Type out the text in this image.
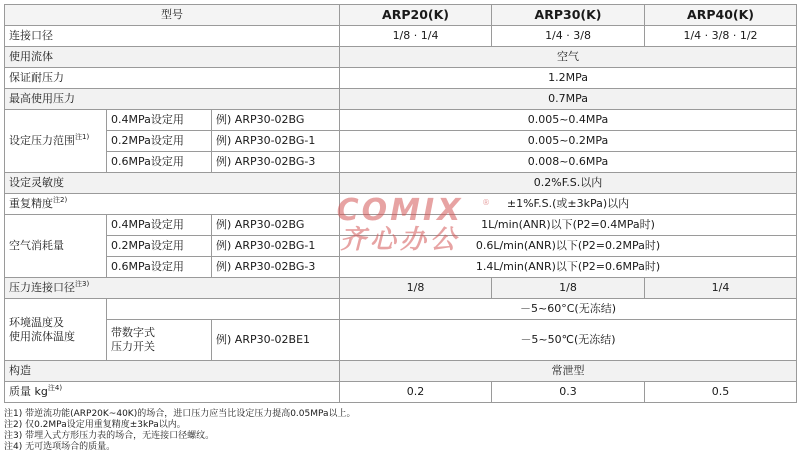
型号			ARP20(K)	ARP30(K)	ARP40(K)
连接口径			1/8 · 1/4	1/4 · 3/8	1/4 · 3/8 · 1/2
使用流体			空气		
保证耐压力			1.2MPa		
最高使用压力			0.7MPa		
设定压力范围$^{注1)}$	0.4MPa设定用	例) ARP30-02BG	0.005~0.4MPa		
	0.2MPa设定用	例) ARP30-02BG-1	0.005~0.2MPa		
	0.6MPa设定用	例) ARP30-02BG-3	0.008~0.6MPa		
设定灵敏度			0.2%F.S.以内		
重复精度$^{注2)}$			±1%F.S.(或±3kPa)以内		
空气消耗量	0.4MPa设定用	例) ARP30-02BG	1L/min(ANR)以下(P2=0.4MPa时)		
	0.2MPa设定用	例) ARP30-02BG-1	0.6L/min(ANR)以下(P2=0.2MPa时)		
	0.6MPa设定用	例) ARP30-02BG-3	1.4L/min(ANR)以下(P2=0.6MPa时)		
压力连接口径$^{注3)}$			1/8	1/8	1/4

环境温度及
使用流体温度			－5~60°C(无冻结)		

	带数字式
压力开关	例) ARP30-02BE1	－5~50℃(无冻结)		
构造			常泄型		
质量 $kg^{注4)}$			0.2	0.3	0.5
注1) 带逆流功能(ARP20K~40K)的场合，进口压力应当比设定压力提高0.05MPa以上。
注2) 仅0.2MPa设定用重复精度±3kPa以内。
注3) 带埋入式方形压力表的场合，无连接口径螺纹。
注4) 无可选项场合的质量。
COMIX	®
齐心办公
